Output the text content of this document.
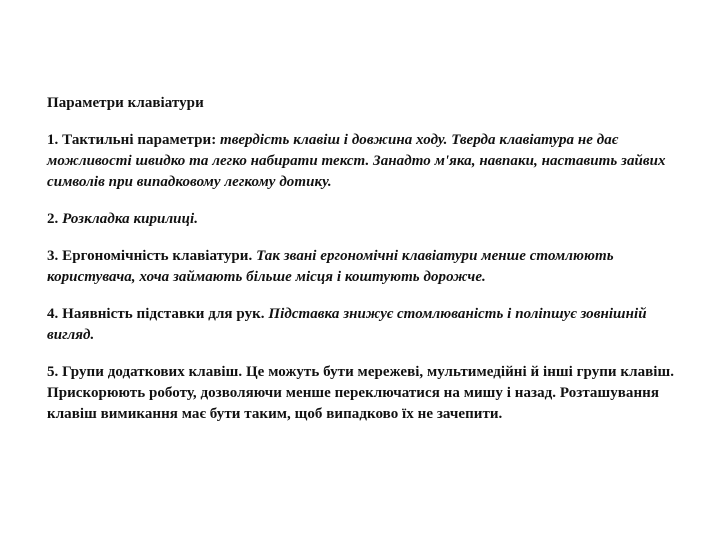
Параметри клавіатури
1. Тактильні параметри: твердість клавіш і довжина ходу. Тверда клавіатура не дає можливості швидко та легко набирати текст. Занадто м'яка, навпаки, наставить зайвих символів при випадковому легкому дотику.
2. Розкладка кирилиці.
3. Ергономічність клавіатури. Так звані ергономічні клавіатури менше стомлюють користувача, хоча займають більше місця і коштують дорожче.
4. Наявність підставки для рук. Підставка знижує стомлюваність і поліпшує зовнішній вигляд.
5. Групи додаткових клавіш. Це можуть бути мережеві, мультимедійні й інші групи клавіш. Прискорюють роботу, дозволяючи менше переключатися на мишу і назад. Розташування клавіш вимикання має бути таким, щоб випадково їх не зачепити.
